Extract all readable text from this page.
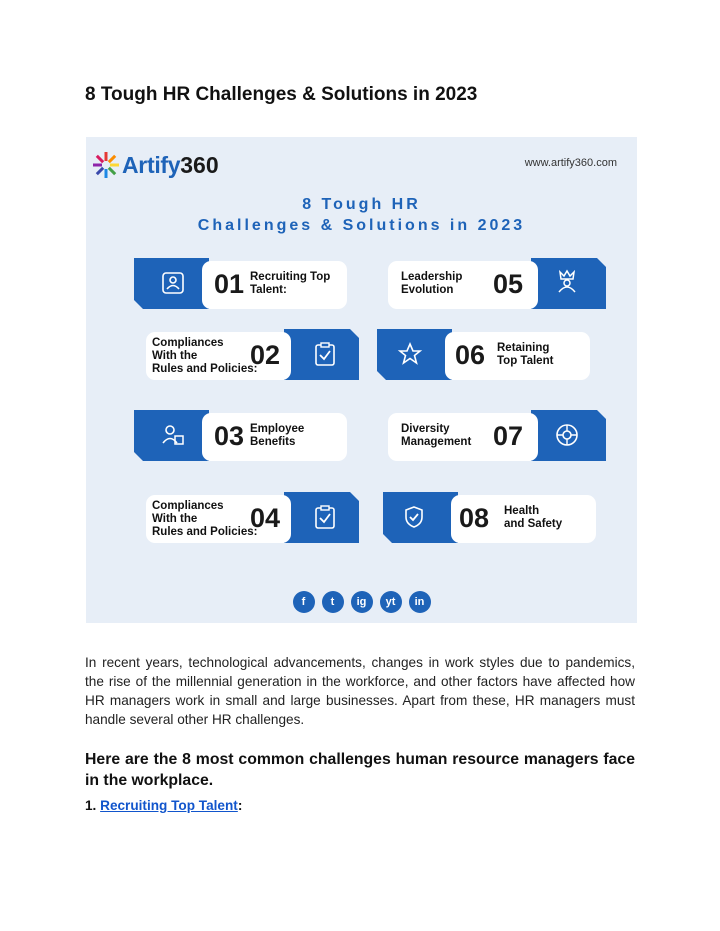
8 Tough HR Challenges & Solutions in 2023
Artify 360	www.artify360.com
8 Tough HR
Challenges & Solutions in 2023
01 Recruiting Top
Talent:
Compliances
With the
Rules and Policies:
02
03 Employee
Benefits
Compliances
With the
Rules and Policies:
04
Leadership
Evolution	05
06 Retaining
Top Talent
Diversity
Management 07
08 Health
and Safety
f	t	ig	yt	in
In recent years, technological advancements, changes in work styles due to pandemics, the rise of the millennial generation in the workforce, and other factors have affected how HR managers work in small and large businesses. Apart from these, HR managers must handle several other HR challenges.
Here are the 8 most common challenges human resource managers face in the workplace.
1. Recruiting Top Talent:
